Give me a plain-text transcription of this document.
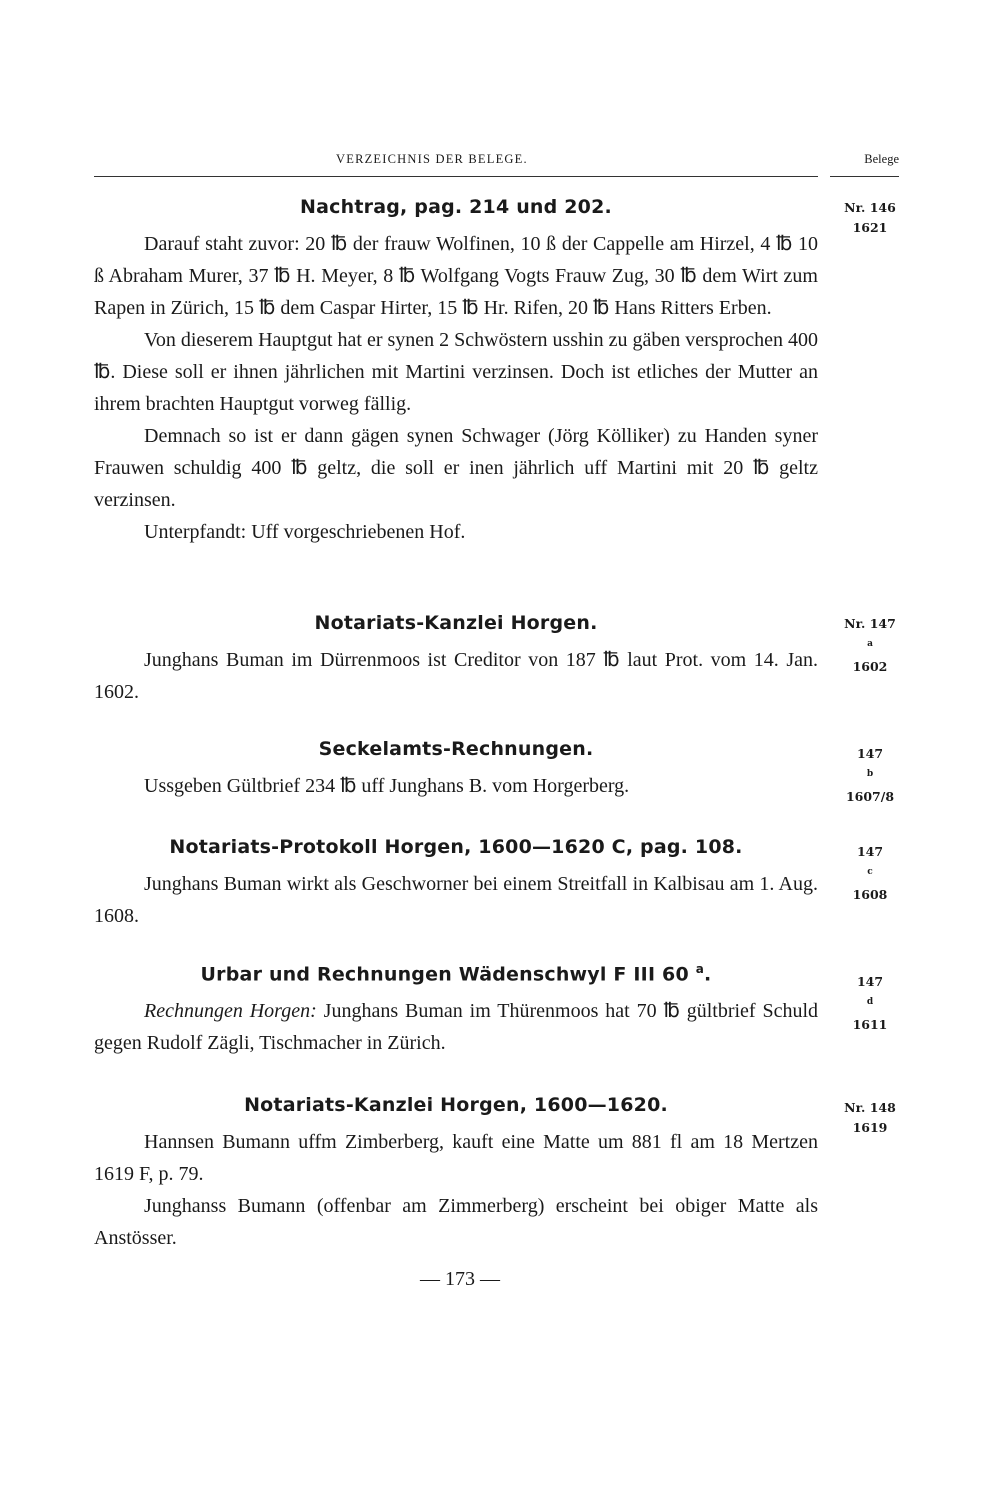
VERZEICHNIS DER BELEGE.	Belege
Nachtrag, pag. 214 und 202.

Darauf staht zuvor: 20 ℔ der frauw Wolfinen, 10 ß der Cappelle am Hirzel, 4 ℔ 10 ß Abraham Murer, 37 ℔ H. Meyer, 8 ℔ Wolfgang Vogts Frauw Zug, 30 ℔ dem Wirt zum Rapen in Zürich, 15 ℔ dem Caspar Hirter, 15 ℔ Hr. Rifen, 20 ℔ Hans Ritters Erben.

Von dieserem Hauptgut hat er synen 2 Schwöstern usshin zu gäben versprochen 400 ℔. Diese soll er ihnen jährlichen mit Martini verzinsen. Doch ist etliches der Mutter an ihrem brachten Hauptgut vorweg fällig.

Demnach so ist er dann gägen synen Schwager (Jörg Kölliker) zu Handen syner Frauwen schuldig 400 ℔ geltz, die soll er inen jährlich uff Martini mit 20 ℔ geltz verzinsen.

Unterpfandt: Uff vorgeschriebenen Hof.

Nr. 146
1621
Notariats-Kanzlei Horgen.

Junghans Buman im Dürrenmoos ist Creditor von 187 ℔ laut Prot. vom 14. Jan. 1602.

Nr. 147
$^a$
1602
Seckelamts-Rechnungen.

Ussgeben Gültbrief 234 ℔ uff Junghans B. vom Horgerberg.

147
$^b$
1607/8
Notariats-Protokoll Horgen, 1600—1620 C, pag. 108.

Junghans Buman wirkt als Geschworner bei einem Streitfall in Kalbisau am 1. Aug. 1608.

147
$^c$
1608
Urbar und Rechnungen Wädenschwyl F III 60 $^a$.

Rechnungen Horgen: Junghans Buman im Thürenmoos hat 70 ℔ gültbrief Schuld gegen Rudolf Zägli, Tischmacher in Zürich.

147
$^d$
1611
Notariats-Kanzlei Horgen, 1600—1620.

Hannsen Bumann uffm Zimberberg, kauft eine Matte um 881 fl am 18 Mertzen 1619 F, p. 79.

Junghanss Bumann (offenbar am Zimmerberg) erscheint bei obiger Matte als Anstösser.

Nr. 148
1619
— 173 —
